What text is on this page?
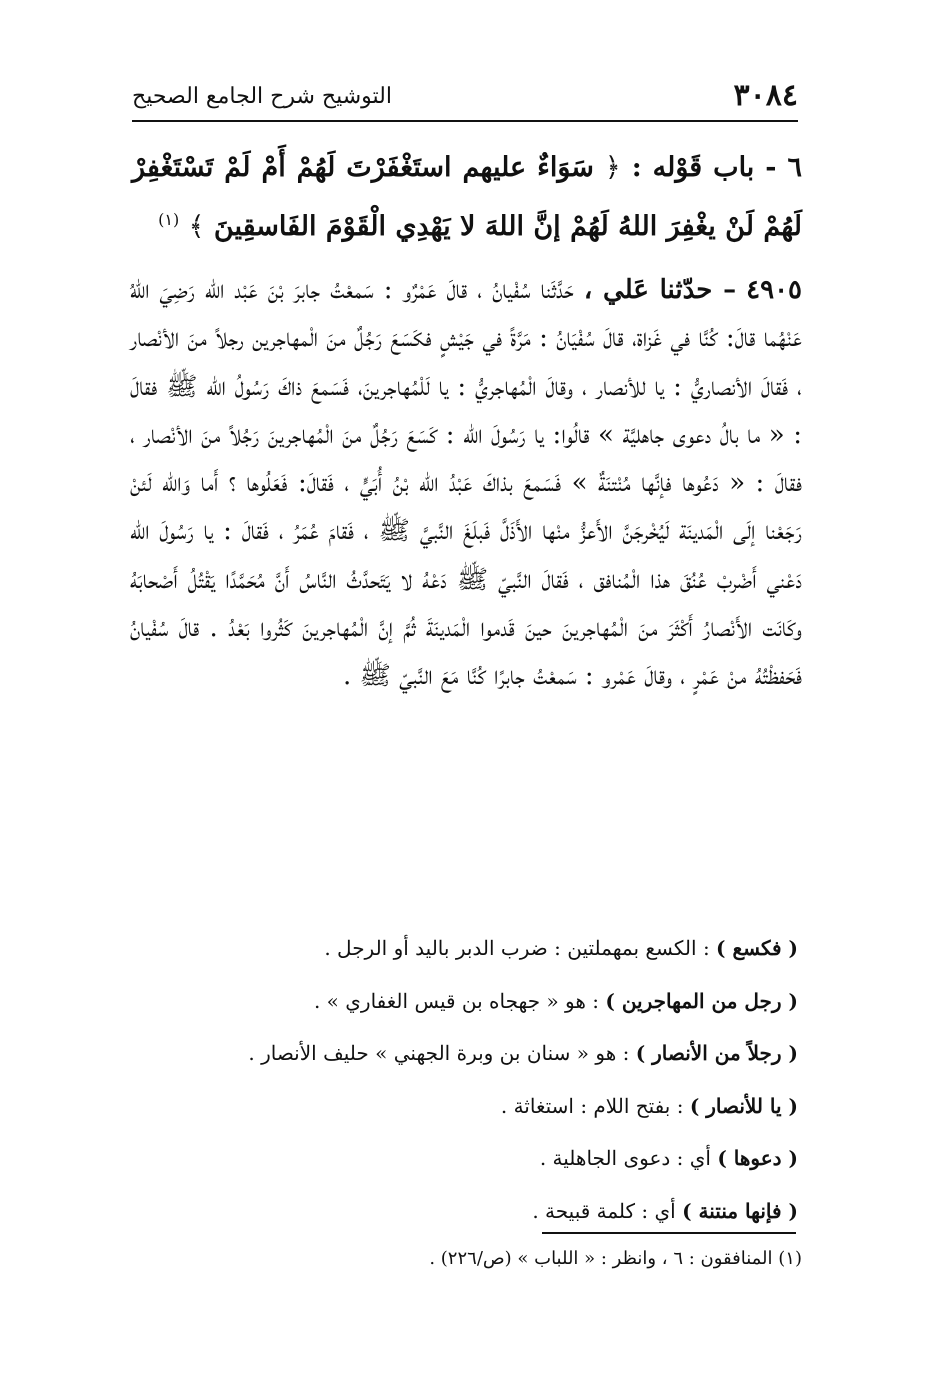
٣٠٨٤
التوشيح شرح الجامع الصحيح
٦ - باب قَوْله : ﴿ سَوَاءٌ عليهم استَغْفَرْتَ لَهُمْ أَمْ لَمْ تَسْتَغْفِرْ لَهُمْ لَنْ يغْفِرَ اللهُ لَهُمْ إنَّ اللهَ لا يَهْدِي الْقَوْمَ الفَاسقِينَ ﴾ $^{(١)}$
٤٩٠٥ – حدّثنا عَلي ، حَدَّثَنا سُفْيانُ ، قالَ عَمْرٌو : سَمعْتُ جابرَ بْنَ عَبْد الله رَضِيَ اللهُ عَنْهُما قالَ: كُنَّا في غَزاة، قالَ سُفْيَانُ : مَرَّةً في جَيْشٍ فكَسَعَ رَجُلٌ منَ الْمهاجرين رجلاً منَ الأنْصار ، فَقالَ الأنصاريُّ : يا للأنصار ، وقالَ الْمُهاجريُّ : يا لَلْمُهاجرينَ، فَسَمعَ ذاكَ رَسُولُ الله ﷺ فقالَ : « ما بالُ دعوى جاهليَّة » قالُوا: يا رَسُولَ الله : كَسَعَ رَجُلٌ منَ الْمُهاجرينَ رَجُلاً منَ الأنْصار ، فقالَ : « دَعُوها فإنَّها مُنْتنَةٌ » فَسَمعَ بذاكَ عَبْدُ الله بْنُ أُبَيٍّ ، فَقالَ: فَعَلُوها ؟ أَما وَالله لَئنْ رَجَعْنا إلَى الْمَدينَة لَيُخْرجَنَّ الأَعزُّ منْها الأَذَلَّ فَبلَغَ النَّبيَّ ﷺ ، فَقامَ عُمَرُ ، فَقالَ : يا رَسُولَ الله دَعْني أَضْربْ عُنُقَ هذا الْمُنافق ، فَقالَ النَّبيّ ﷺ دَعْهُ لا يَتَحدَّثُ النَّاسُ أَنَّ مُحَمَّدًا يَقْتُلُ أَصْحابَهُ وكَانَت الأَنْصارُ أَكْثَرَ منَ الْمُهاجرينَ حينَ قَدموا الْمَدينَةَ ثُمَّ إنَّ الْمُهاجرينَ كَثُروا بَعْدُ . قالَ سُفْيانُ فَحَفظْتُهُ منْ عَمْرٍ ، وقالَ عَمْرو : سَمعْتُ جابرًا كُنَّا مَعَ النَّبيّ ﷺ .
( فكسع ) : الكسع بمهملتين : ضرب الدبر باليد أو الرجل .
( رجل من المهاجرين ) : هو « جهجاه بن قيس الغفاري » .
( رجلاً من الأنصار ) : هو « سنان بن وبرة الجهني » حليف الأنصار .
( يا للأنصار ) : بفتح اللام : استغاثة .
( دعوها ) أي : دعوى الجاهلية .
( فإنها منتنة ) أي : كلمة قبيحة .
(١) المنافقون : ٦ ، وانظر : « اللباب » (ص/٢٢٦) .
